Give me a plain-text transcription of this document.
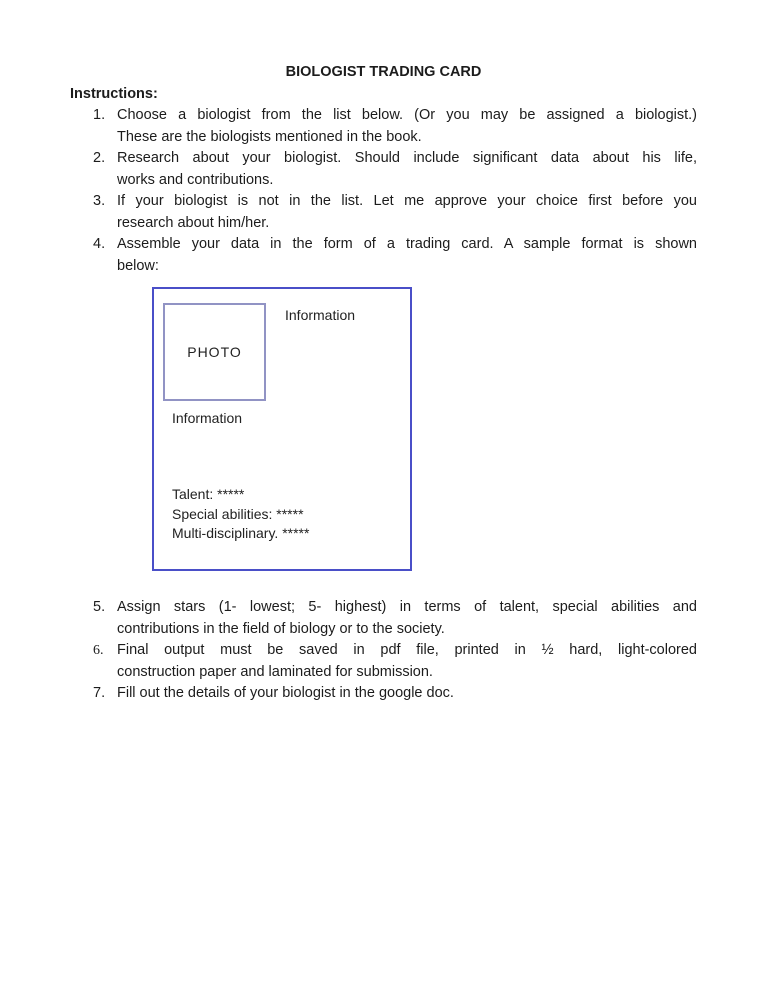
BIOLOGIST TRADING CARD
Instructions:
1. Choose a biologist from the list below. (Or you may be assigned a biologist.)
These are the biologists mentioned in the book.
2. Research about your biologist. Should include significant data about his life,
works and contributions.
3. If your biologist is not in the list. Let me approve your choice first before you
research about him/her.
4. Assemble your data in the form of a trading card. A sample format is shown
below:
PHOTO
Information
Information
Talent: *****
Special abilities: *****
Multi-disciplinary. *****
5. Assign stars (1- lowest; 5- highest) in terms of talent, special abilities and
contributions in the field of biology or to the society.
6. Final output must be saved in pdf file, printed in ½ hard, light-colored
construction paper and laminated for submission.
7. Fill out the details of your biologist in the google doc.
